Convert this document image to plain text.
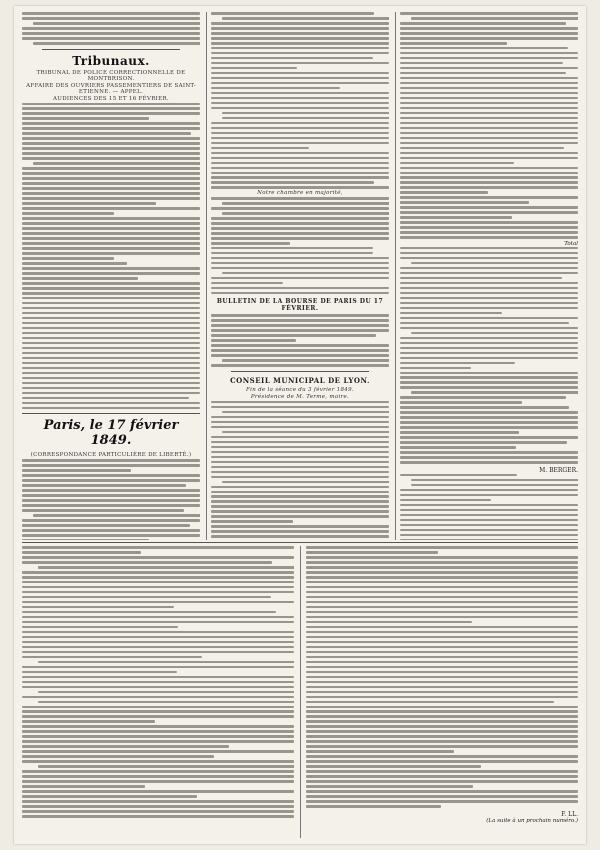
Tribunaux.
TRIBUNAL DE POLICE CORRECTIONNELLE DE MONTBRISON.
AFFAIRE DES OUVRIERS PASSEMENTIERS DE SAINT-ETIENNE. — APPEL.
AUDIENCES DES 15 ET 16 FÉVRIER.
Paris, le 17 février 1849.
(CORRESPONDANCE PARTICULIÈRE DE LIBERTÉ.)
Notre chambre en majorité,
BULLETIN DE LA BOURSE DE PARIS DU 17 FÉVRIER.
CONSEIL MUNICIPAL DE LYON.
Fin de la séance du 3 février 1849.
Présidence de M. Terme, maire.
Total
M. BERGER.
F. LL.
(La suite à un prochain numéro.)
